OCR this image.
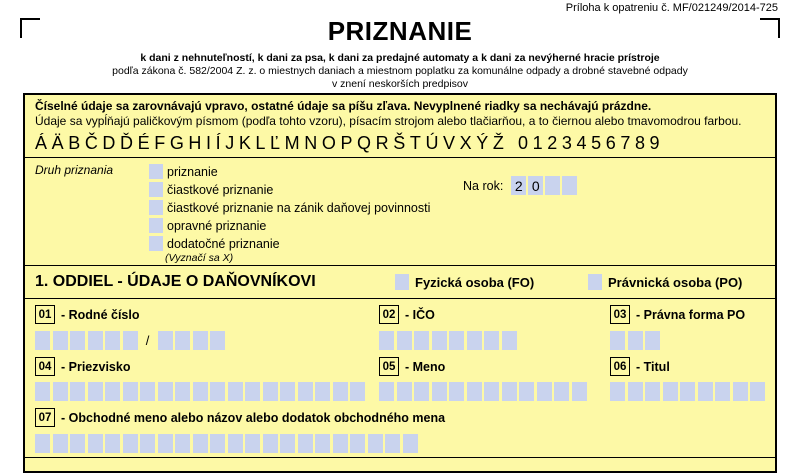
Príloha k opatreniu č. MF/021249/2014-725
PRIZNANIE
k dani z nehnuteľností, k dani za psa, k dani za predajné automaty a k dani za nevýherné hracie prístroje
podľa zákona č. 582/2004 Z. z. o miestnych daniach a miestnom poplatku za komunálne odpady a drobné stavebné odpady
v znení neskorších predpisov
Číselné údaje sa zarovnávajú vpravo, ostatné údaje sa píšu zľava. Nevyplnené riadky sa nechávajú prázdne.
Údaje sa vypĺňajú paličkovým písmom (podľa tohto vzoru), písacím strojom alebo tlačiarňou, a to čiernou alebo tmavomodrou farbou.
ÁÄBČDĎÉFGHIÍJKLĽMNOPQRŠTÚVXÝŽ 0123456789
Druh priznania	priznanie
čiastkové priznanie
čiastkové priznanie na zánik daňovej povinnosti
opravné priznanie
dodatočné priznanie
(Vyznačí sa X)
Na rok: 2 0
1. ODDIEL - ÚDAJE O DAŇOVNÍKOVI	Fyzická osoba (FO)	Právnická osoba (PO)
01 - Rodné číslo	02 - IČO	03 - Právna forma PO
/
04 - Priezvisko	05 - Meno	06 - Titul
07 - Obchodné meno alebo názov alebo dodatok obchodného mena
